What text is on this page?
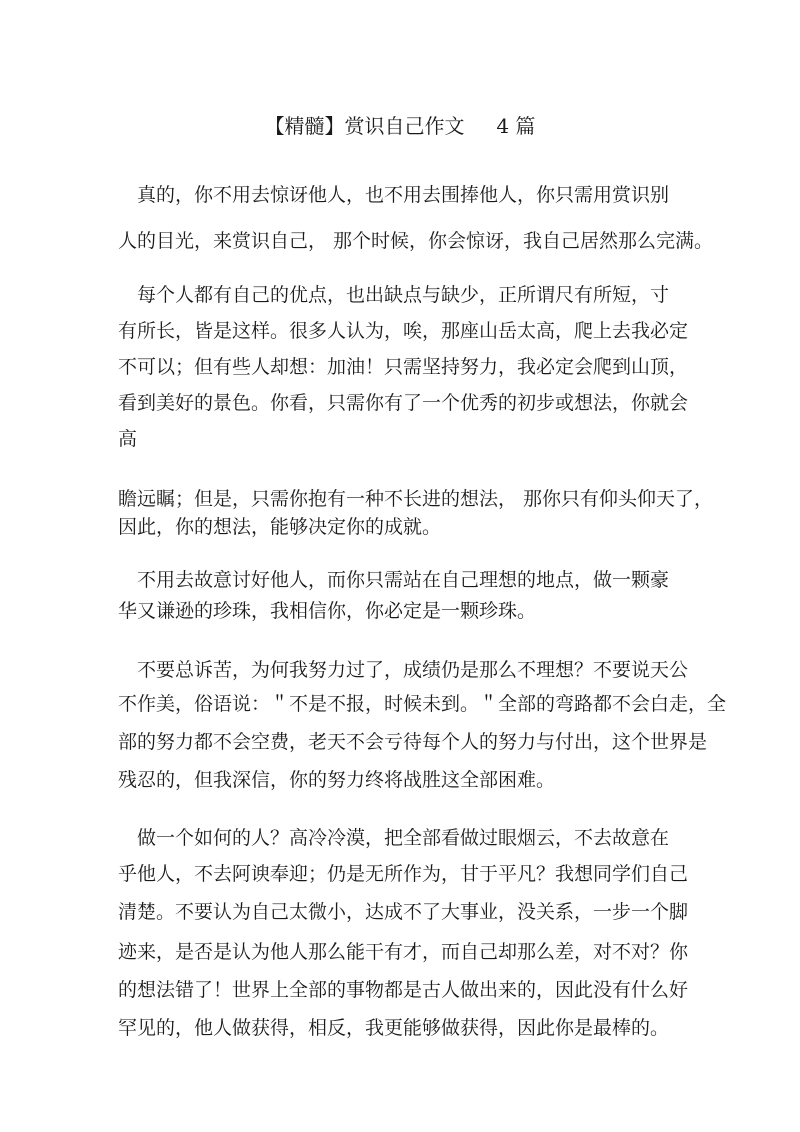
【精髓】赏识自己作文     4 篇
　真的，你不用去惊讶他人，也不用去围捧他人，你只需用赏识别
人的目光，来赏识自己， 那个时候，你会惊讶，我自己居然那么完满。
　每个人都有自己的优点，也出缺点与缺少，正所谓尺有所短，寸
有所长，皆是这样。很多人认为，唉，那座山岳太高，爬上去我必定
不可以；但有些人却想：加油！只需坚持努力，我必定会爬到山顶，
看到美好的景色。你看，只需你有了一个优秀的初步或想法，你就会
高
瞻远瞩；但是，只需你抱有一种不长进的想法， 那你只有仰头仰天了，
因此，你的想法，能够决定你的成就。
　不用去故意讨好他人，而你只需站在自己理想的地点，做一颗豪
华又谦逊的珍珠，我相信你，你必定是一颗珍珠。
　不要总诉苦，为何我努力过了，成绩仍是那么不理想？不要说天公
不作美，俗语说：＂不是不报，时候未到。＂全部的弯路都不会白走，全
部的努力都不会空费，老天不会亏待每个人的努力与付出，这个世界是
残忍的，但我深信，你的努力终将战胜这全部困难。
　做一个如何的人？高冷冷漠，把全部看做过眼烟云，不去故意在
乎他人，不去阿谀奉迎；仍是无所作为，甘于平凡？我想同学们自己
清楚。不要认为自己太微小，达成不了大事业，没关系，一步一个脚
迹来，是否是认为他人那么能干有才，而自己却那么差，对不对？你
的想法错了！世界上全部的事物都是古人做出来的，因此没有什么好
罕见的，他人做获得，相反，我更能够做获得，因此你是最棒的。
